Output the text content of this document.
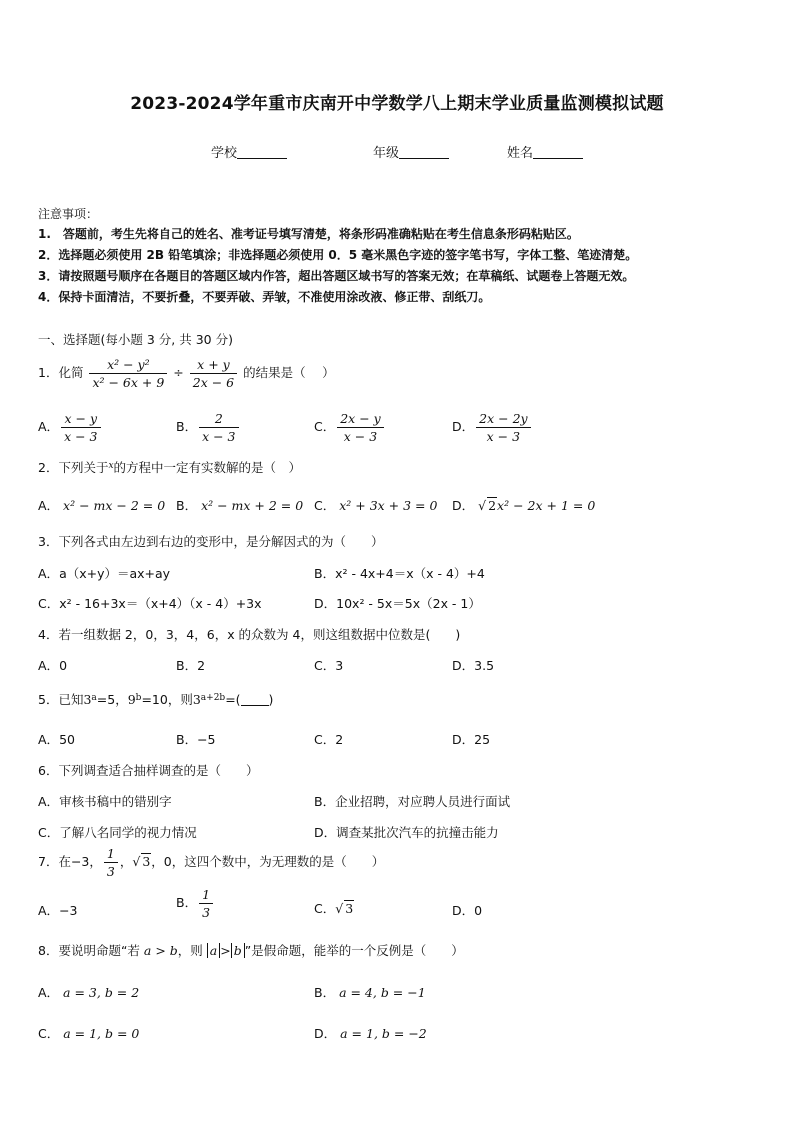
2023-2024学年重市庆南开中学数学八上期末学业质量监测模拟试题
学校	年级	姓名
注意事项：
1.　答题前，考生先将自己的姓名、准考证号填写清楚，将条形码准确粘贴在考生信息条形码粘贴区。
2．选择题必须使用 2B 铅笔填涂；非选择题必须使用 0．5 毫米黑色字迹的签字笔书写，字体工整、笔迹清楚。
3．请按照题号顺序在各题目的答题区域内作答，超出答题区域书写的答案无效；在草稿纸、试题卷上答题无效。
4．保持卡面清洁，不要折叠，不要弄破、弄皱，不准使用涂改液、修正带、刮纸刀。
一、选择题(每小题 3 分, 共 30 分)
1．化简 $\frac{\text{x² − y²}}{\text{x² − 6x + 9}} \div \frac{x + y}{2x - 6}$ 的结果是（　 ）
A． $\frac{x - y}{x - 3}$	B． $\frac{2}{x - 3}$	C． $\frac{2x - y}{x - 3}$	D． $\frac{2x - 2y}{x - 3}$
2．下列关于$^x$的方程中一定有实数解的是（　）
A． x² − mx − 2 = 0 B． x² − mx + 2 = 0 C． x² + 3x + 3 = 0 D． √ 2x² − 2x + 1 = 0
3．下列各式由左边到右边的变形中，是分解因式的为（　　）
A．a（x+y）＝ax+ay	B．x² - 4x+4＝x（x - 4）+4
C．x² - 16+3x＝（x+4）（x - 4）+3x	D．10x² - 5x＝5x（2x - 1）
4．若一组数据 2，0，3，4，6，x 的众数为 4，则这组数据中位数是(　　)
A．0	B．2	C．3	D．3.5
5．已知$3^a=5$，$9^b=10$，则$3^{a+2b}=$( )
A．50	B．−5	C．2	D．25
6．下列调查适合抽样调查的是（　　）
A．审核书稿中的错别字	B．企业招聘，对应聘人员进行面试
C．了解八名同学的视力情况	D．调查某批次汽车的抗撞击能力
7．在−3， $\frac{1}{3}$ ，√ 3，0，这四个数中，为无理数的是（　　）
A．−3
B． $\frac{1}{3}$	C．√ 3	D．0
8．要说明命题“若 a > b，则 a > b ”是假命题，能举的一个反例是（　　）
A． a = 3, b = 2	B． a = 4, b = −1
C． a = 1, b = 0	D． a = 1, b = −2
